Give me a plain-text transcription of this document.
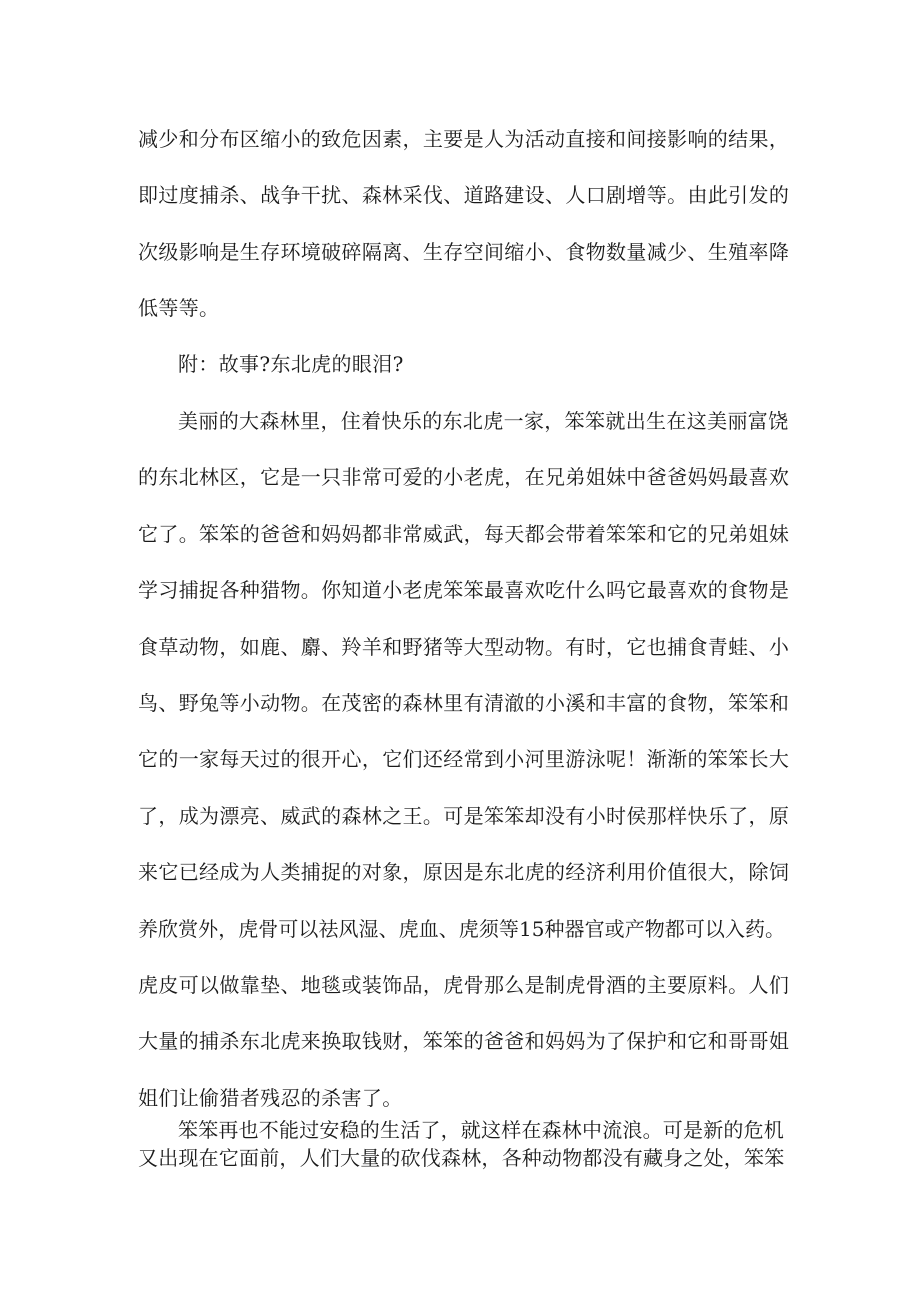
减少和分布区缩小的致危因素，主要是人为活动直接和间接影响的结果，
即过度捕杀、战争干扰、森林采伐、道路建设、人口剧增等。由此引发的
次级影响是生存环境破碎隔离、生存空间缩小、食物数量减少、生殖率降
低等等。
附：故事?东北虎的眼泪?
美丽的大森林里，住着快乐的东北虎一家，笨笨就出生在这美丽富饶
的东北林区，它是一只非常可爱的小老虎，在兄弟姐妹中爸爸妈妈最喜欢
它了。笨笨的爸爸和妈妈都非常威武，每天都会带着笨笨和它的兄弟姐妹
学习捕捉各种猎物。你知道小老虎笨笨最喜欢吃什么吗它最喜欢的食物是
食草动物，如鹿、麝、羚羊和野猪等大型动物。有时，它也捕食青蛙、小
鸟、野兔等小动物。在茂密的森林里有清澈的小溪和丰富的食物，笨笨和
它的一家每天过的很开心，它们还经常到小河里游泳呢！渐渐的笨笨长大
了，成为漂亮、威武的森林之王。可是笨笨却没有小时侯那样快乐了，原
来它已经成为人类捕捉的对象，原因是东北虎的经济利用价值很大，除饲
养欣赏外，虎骨可以祛风湿、虎血、虎须等15种器官或产物都可以入药。
虎皮可以做靠垫、地毯或装饰品，虎骨那么是制虎骨酒的主要原料。人们
大量的捕杀东北虎来换取钱财，笨笨的爸爸和妈妈为了保护和它和哥哥姐
姐们让偷猎者残忍的杀害了。
笨笨再也不能过安稳的生活了，就这样在森林中流浪。可是新的危机
又出现在它面前，人们大量的砍伐森林，各种动物都没有藏身之处，笨笨
